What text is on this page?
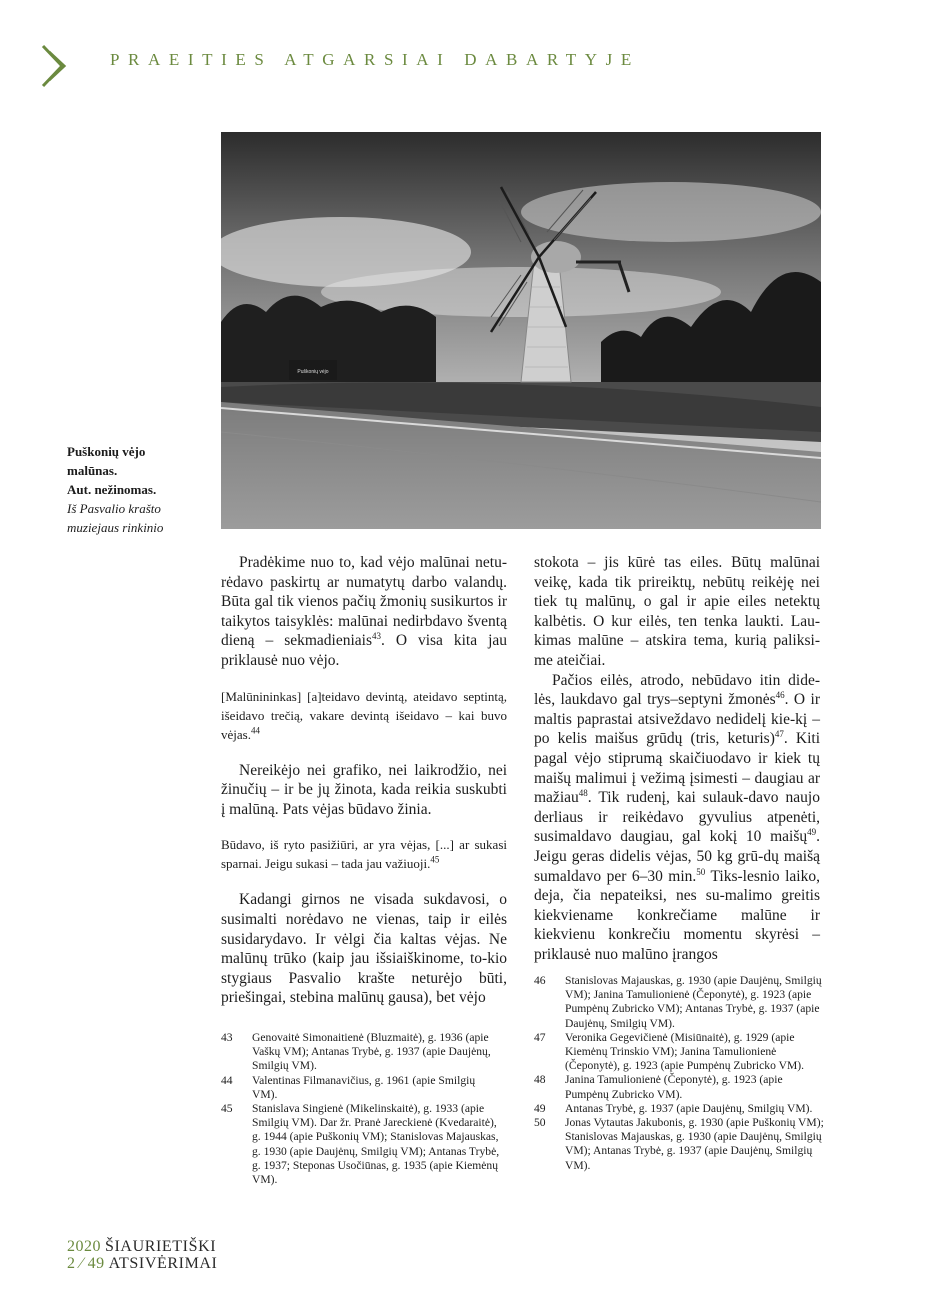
PRAEITIES ATGARSIAI DABARTYJE
Puškonių vėjo
Puškonių vėjo
malūnas.
Aut. nežinomas.
Iš Pasvalio krašto
muziejaus rinkinio

Pradėkime nuo to, kad vėjo malūnai netu-rėdavo paskirtų ar numatytų darbo valandų. Būta gal tik vienos pačių žmonių susikurtos ir taikytos taisyklės: malūnai nedirbdavo šventą dieną – sekmadieniais$^{43}$. O visa kita jau priklausė nuo vėjo.

[Malūnininkas] [a]teidavo devintą, ateidavo septintą, išeidavo trečią, vakare devintą išeidavo – kai buvo vėjas.$^{44}$

Nereikėjo nei grafiko, nei laikrodžio, nei žinučių – ir be jų žinota, kada reikia suskubti į malūną. Pats vėjas būdavo žinia.

Būdavo, iš ryto pasižiūri, ar yra vėjas, [...] ar sukasi sparnai. Jeigu sukasi – tada jau važiuoji.$^{45}$

Kadangi girnos ne visada sukdavosi, o susimalti norėdavo ne vienas, taip ir eilės susidarydavo. Ir vėlgi čia kaltas vėjas. Ne malūnų trūko (kaip jau išsiaiškinome, to-kio stygiaus Pasvalio krašte neturėjo būti, priešingai, stebina malūnų gausa), bet vėjo

stokota – jis kūrė tas eiles. Būtų malūnai veikę, kada tik prireiktų, nebūtų reikėję nei tiek tų malūnų, o gal ir apie eiles netektų kalbėtis. O kur eilės, ten tenka laukti. Lau-kimas malūne – atskira tema, kurią paliksi-me ateičiai.

Pačios eilės, atrodo, nebūdavo itin dide-lės, laukdavo gal trys–septyni žmonės$^{46}$. O ir maltis paprastai atsiveždavo nedidelį kie-kį – po kelis maišus grūdų (tris, keturis)$^{47}$. Kiti pagal vėjo stiprumą skaičiuodavo ir kiek tų maišų malimui į vežimą įsimesti – daugiau ar mažiau$^{48}$. Tik rudenį, kai sulauk-davo naujo derliaus ir reikėdavo gyvulius atpenėti, susimaldavo daugiau, gal kokį 10 maišų$^{49}$. Jeigu geras didelis vėjas, 50 kg grū-dų maišą sumaldavo per 6–30 min.$^{50}$ Tiks-lesnio laiko, deja, čia nepateiksi, nes su-malimo greitis kiekviename konkrečiame malūne ir kiekvienu konkrečiu momentu skyrėsi – priklausė nuo malūno įrangos

43	Genovaitė Simonaitienė (Bluzmaitė), g. 1936 (apie Vaškų VM); Antanas Trybė, g. 1937 (apie Daujėnų, Smilgių VM).
44	Valentinas Filmanavičius, g. 1961 (apie Smilgių VM).
45	Stanislava Singienė (Mikelinskaitė), g. 1933 (apie Smilgių VM). Dar žr. Pranė Jareckienė (Kvedaraitė), g. 1944 (apie Puškonių VM); Stanislovas Majauskas, g. 1930 (apie Daujėnų, Smilgių VM); Antanas Trybė, g. 1937; Steponas Usočiūnas, g. 1935 (apie Kiemėnų VM).
46	Stanislovas Majauskas, g. 1930 (apie Daujėnų, Smilgių VM); Janina Tamulionienė (Čeponytė), g. 1923 (apie Pumpėnų Zubricko VM); Antanas Trybė, g. 1937 (apie Daujėnų, Smilgių VM).
47	Veronika Gegevičienė (Misiūnaitė), g. 1929 (apie Kiemėnų Trinskio VM); Janina Tamulionienė (Čeponytė), g. 1923 (apie Pumpėnų Zubricko VM).
48	Janina Tamulionienė (Čeponytė), g. 1923 (apie Pumpėnų Zubricko VM).
49	Antanas Trybė, g. 1937 (apie Daujėnų, Smilgių VM).
50	Jonas Vytautas Jakubonis, g. 1930 (apie Puškonių VM); Stanislovas Majauskas, g. 1930 (apie Daujėnų, Smilgių VM); Antanas Trybė, g. 1937 (apie Daujėnų, Smilgių VM).
2020 ŠIAURIETIŠKI
2 ⁄ 49 ATSIVĖRIMAI
